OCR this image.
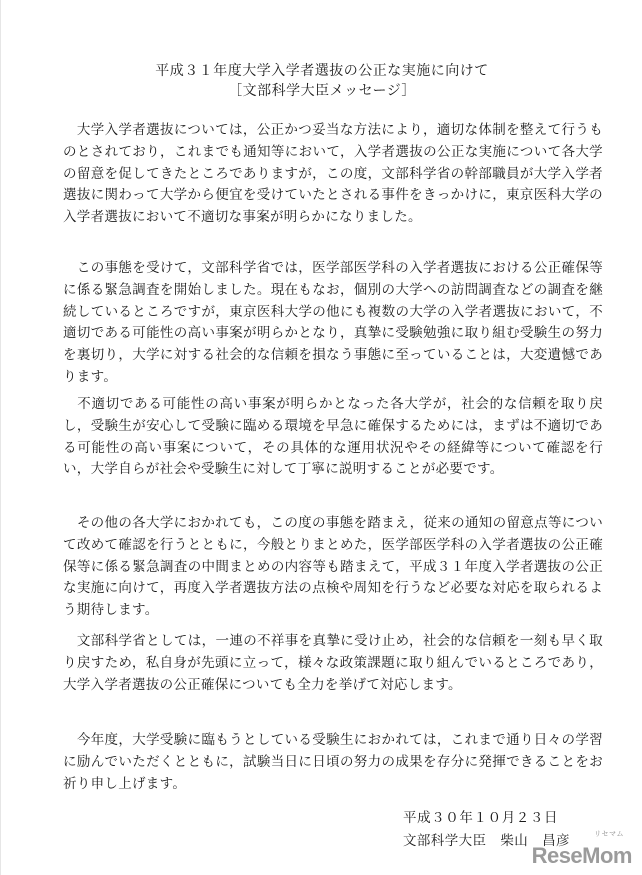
平成３１年度大学入学者選抜の公正な実施に向けて
［文部科学大臣メッセージ］

　大学入学者選抜については，公正かつ妥当な方法により，適切な体制を整えて行うものとされており，これまでも通知等において，入学者選抜の公正な実施について各大学の留意を促してきたところでありますが，この度，文部科学省の幹部職員が大学入学者選抜に関わって大学から便宜を受けていたとされる事件をきっかけに，東京医科大学の入学者選抜において不適切な事案が明らかになりました。

　この事態を受けて，文部科学省では，医学部医学科の入学者選抜における公正確保等に係る緊急調査を開始しました。現在もなお，個別の大学への訪問調査などの調査を継続しているところですが，東京医科大学の他にも複数の大学の入学者選抜において，不適切である可能性の高い事案が明らかとなり，真摯に受験勉強に取り組む受験生の努力を裏切り，大学に対する社会的な信頼を損なう事態に至っていることは，大変遺憾であります。

　不適切である可能性の高い事案が明らかとなった各大学が，社会的な信頼を取り戻し，受験生が安心して受験に臨める環境を早急に確保するためには，まずは不適切である可能性の高い事案について，その具体的な運用状況やその経緯等について確認を行い，大学自らが社会や受験生に対して丁寧に説明することが必要です。

　その他の各大学におかれても，この度の事態を踏まえ，従来の通知の留意点等について改めて確認を行うとともに，今般とりまとめた，医学部医学科の入学者選抜の公正確保等に係る緊急調査の中間まとめの内容等も踏まえて，平成３１年度入学者選抜の公正な実施に向けて，再度入学者選抜方法の点検や周知を行うなど必要な対応を取られるよう期待します。

　文部科学省としては，一連の不祥事を真摯に受け止め，社会的な信頼を一刻も早く取り戻すため，私自身が先頭に立って，様々な政策課題に取り組んでいるところであり，大学入学者選抜の公正確保についても全力を挙げて対応します。

　今年度，大学受験に臨もうとしている受験生におかれては，これまで通り日々の学習に励んでいただくとともに，試験当日に日頃の努力の成果を存分に発揮できることをお祈り申し上げます。

平成３０年１０月２３日
文部科学大臣 柴山　昌彦	リセマム
ReseMom
